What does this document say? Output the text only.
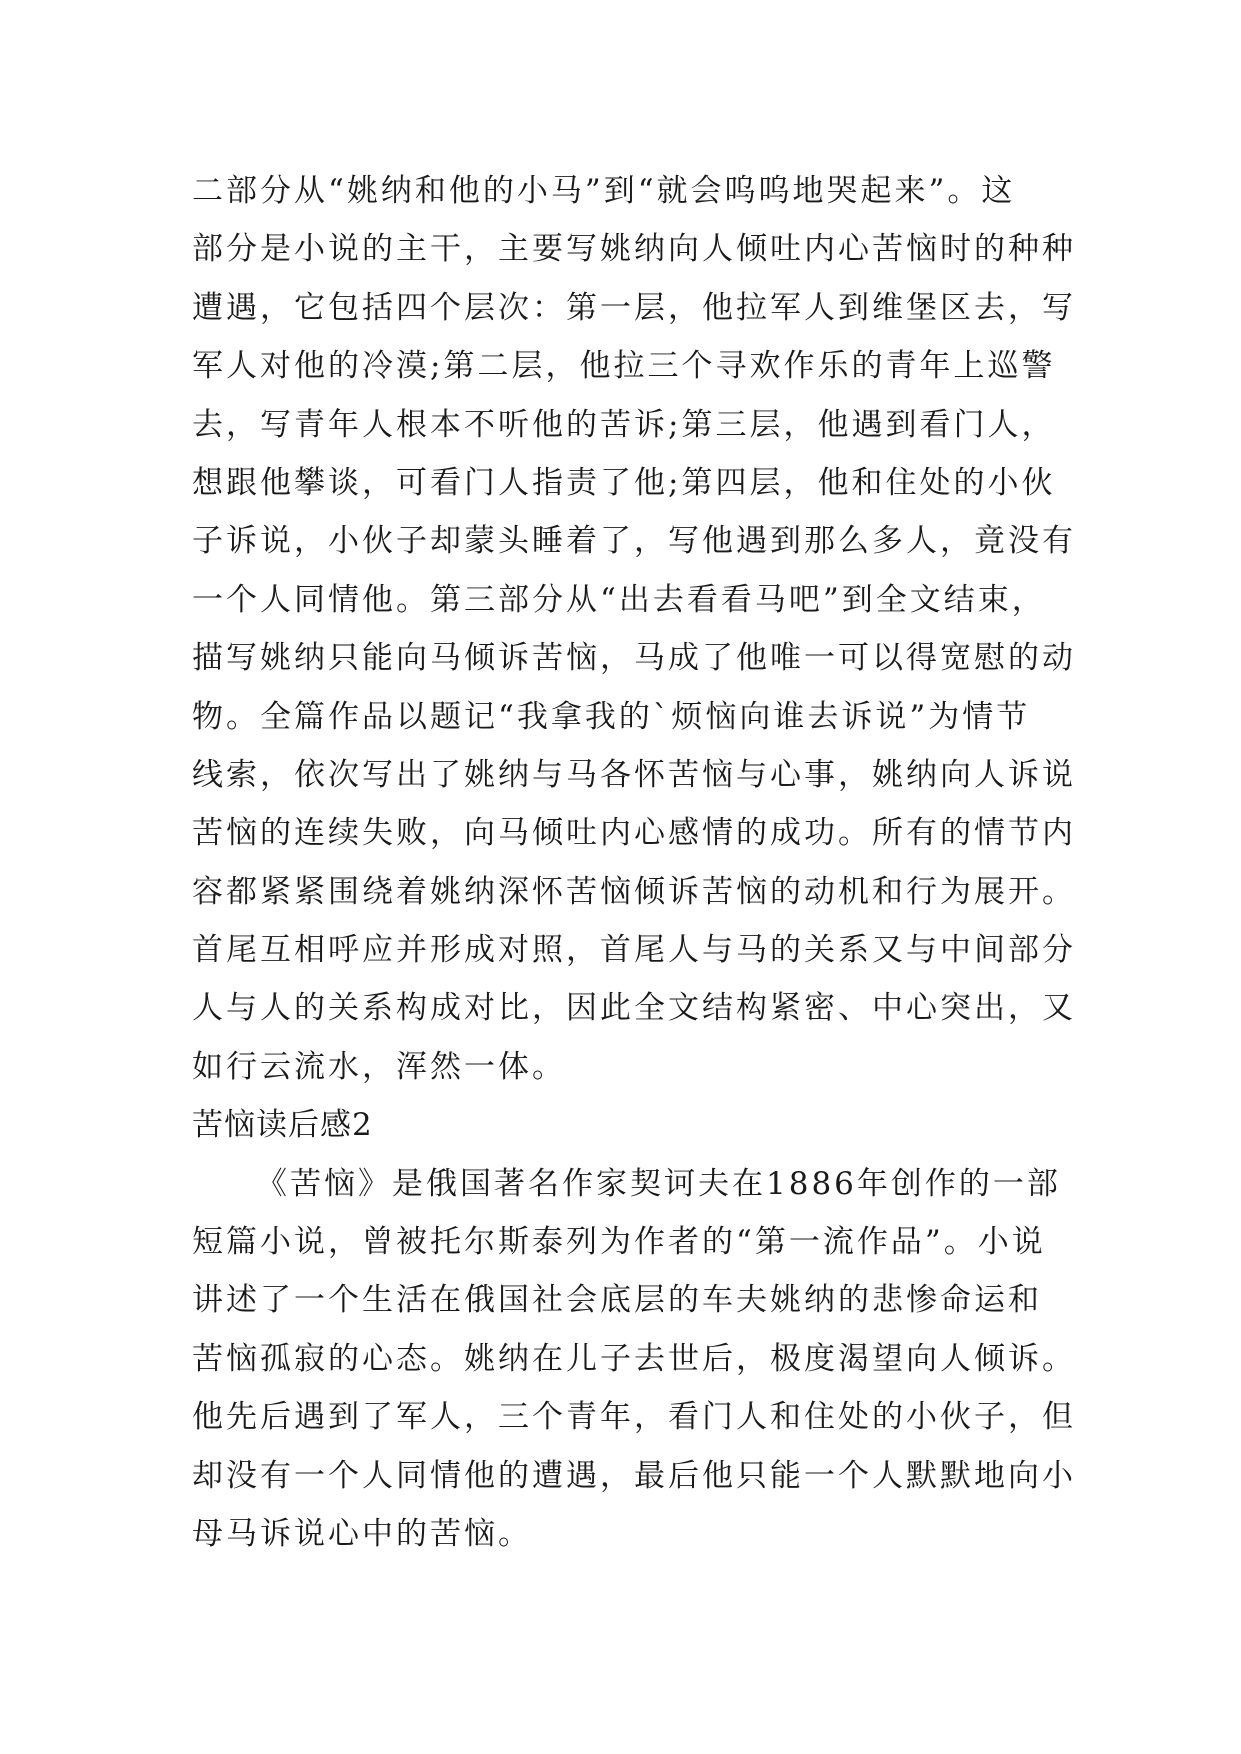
二部分从“姚纳和他的小马”到“就会呜呜地哭起来”。这
部分是小说的主干，主要写姚纳向人倾吐内心苦恼时的种种
遭遇，它包括四个层次：第一层，他拉军人到维堡区去，写
军人对他的冷漠;第二层，他拉三个寻欢作乐的青年上巡警
去，写青年人根本不听他的苦诉;第三层，他遇到看门人，
想跟他攀谈，可看门人指责了他;第四层，他和住处的小伙
子诉说，小伙子却蒙头睡着了，写他遇到那么多人，竟没有
一个人同情他。第三部分从“出去看看马吧”到全文结束，
描写姚纳只能向马倾诉苦恼，马成了他唯一可以得宽慰的动
物。全篇作品以题记“我拿我的`烦恼向谁去诉说”为情节
线索，依次写出了姚纳与马各怀苦恼与心事，姚纳向人诉说
苦恼的连续失败，向马倾吐内心感情的成功。所有的情节内
容都紧紧围绕着姚纳深怀苦恼倾诉苦恼的动机和行为展开。
首尾互相呼应并形成对照，首尾人与马的关系又与中间部分
人与人的关系构成对比，因此全文结构紧密、中心突出，又
如行云流水，浑然一体。
苦恼读后感2
《苦恼》是俄国著名作家契诃夫在1886年创作的一部
短篇小说，曾被托尔斯泰列为作者的“第一流作品”。小说
讲述了一个生活在俄国社会底层的车夫姚纳的悲惨命运和
苦恼孤寂的心态。姚纳在儿子去世后，极度渴望向人倾诉。
他先后遇到了军人，三个青年，看门人和住处的小伙子，但
却没有一个人同情他的遭遇，最后他只能一个人默默地向小
母马诉说心中的苦恼。
